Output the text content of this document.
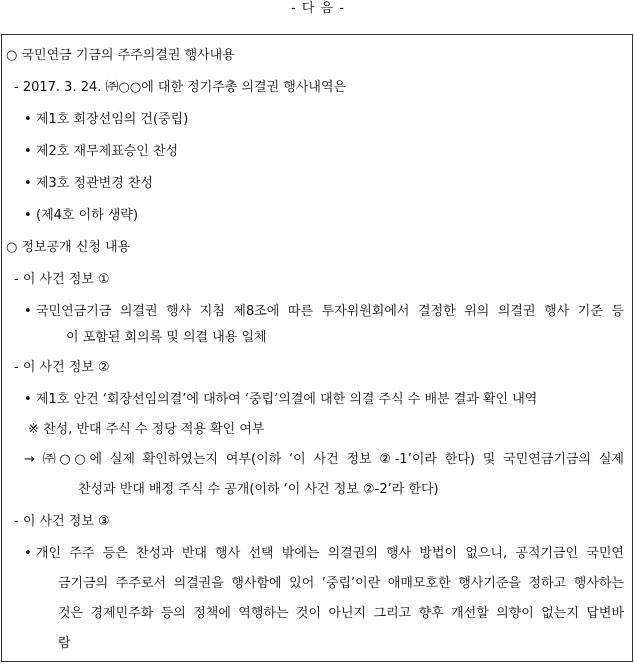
- 다 음 -
○ 국민연금 기금의 주주의결권 행사내용
- 2017. 3. 24. ㈜○○에 대한 정기주총 의결권 행사내역은
• 제1호 회장선임의 건(중립)
• 제2호 재무제표승인 찬성
• 제3호 정관변경 찬성
• (제4호 이하 생략)
○ 정보공개 신청 내용
- 이 사건 정보 ①
• 국민연금기금 의결권 행사 지침 제8조에 따른 투자위원회에서 결정한 위의 의결권 행사 기준 등
이 포함된 회의록 및 의결 내용 일체
- 이 사건 정보 ②
• 제1호 안건 ‘회장선임의결’에 대하여 ‘중립’의결에 대한 의결 주식 수 배분 결과 확인 내역
※ 찬성, 반대 주식 수 정당 적용 확인 여부
→ ㈜○○에 실제 확인하였는지 여부(이하 ‘이 사건 정보 ②-1’이라 한다) 및 국민연금기금의 실제
찬성과 반대 배정 주식 수 공개(이하 ‘이 사건 정보 ②-2’라 한다)
- 이 사건 정보 ③
• 개인 주주 등은 찬성과 반대 행사 선택 밖에는 의결권의 행사 방법이 없으니, 공적기금인 국민연
금기금의 주주로서 의결권을 행사함에 있어 ‘중립’이란 애매모호한 행사기준을 정하고 행사하는
것은 경제민주화 등의 정책에 역행하는 것이 아닌지 그리고 향후 개선할 의향이 없는지 답변바
람
